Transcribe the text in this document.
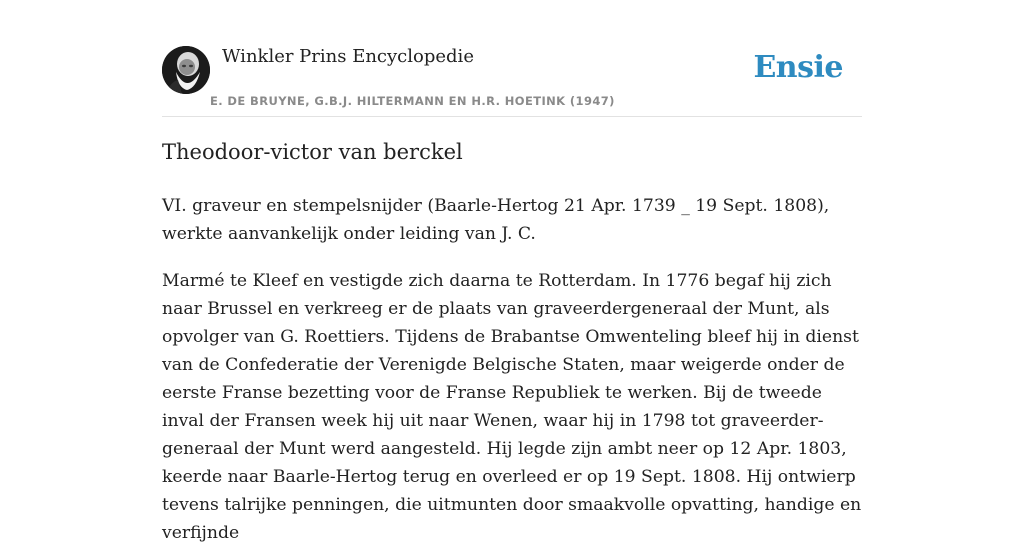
Winkler Prins Encyclopedie
E. DE BRUYNE, G.B.J. HILTERMANN EN H.R. HOETINK (1947)
Ensie
Theodoor-victor van berckel

VI. graveur en stempelsnijder (Baarle-Hertog 21 Apr. 1739 _ 19 Sept. 1808), werkte aanvankelijk onder leiding van J. C.

Marmé te Kleef en vestigde zich daarna te Rotterdam. In 1776 begaf hij zich naar Brussel en verkreeg er de plaats van graveerdergeneraal der Munt, als opvolger van G. Roettiers. Tijdens de Brabantse Omwenteling bleef hij in dienst van de Confederatie der Verenigde Belgische Staten, maar weigerde onder de eerste Franse bezetting voor de Franse Republiek te werken. Bij de tweede inval der Fransen week hij uit naar Wenen, waar hij in 1798 tot graveerder-generaal der Munt werd aangesteld. Hij legde zijn ambt neer op 12 Apr. 1803, keerde naar Baarle-Hertog terug en overleed er op 19 Sept. 1808. Hij ontwierp tevens talrijke penningen, die uitmunten door smaakvolle opvatting, handige en verfijnde
